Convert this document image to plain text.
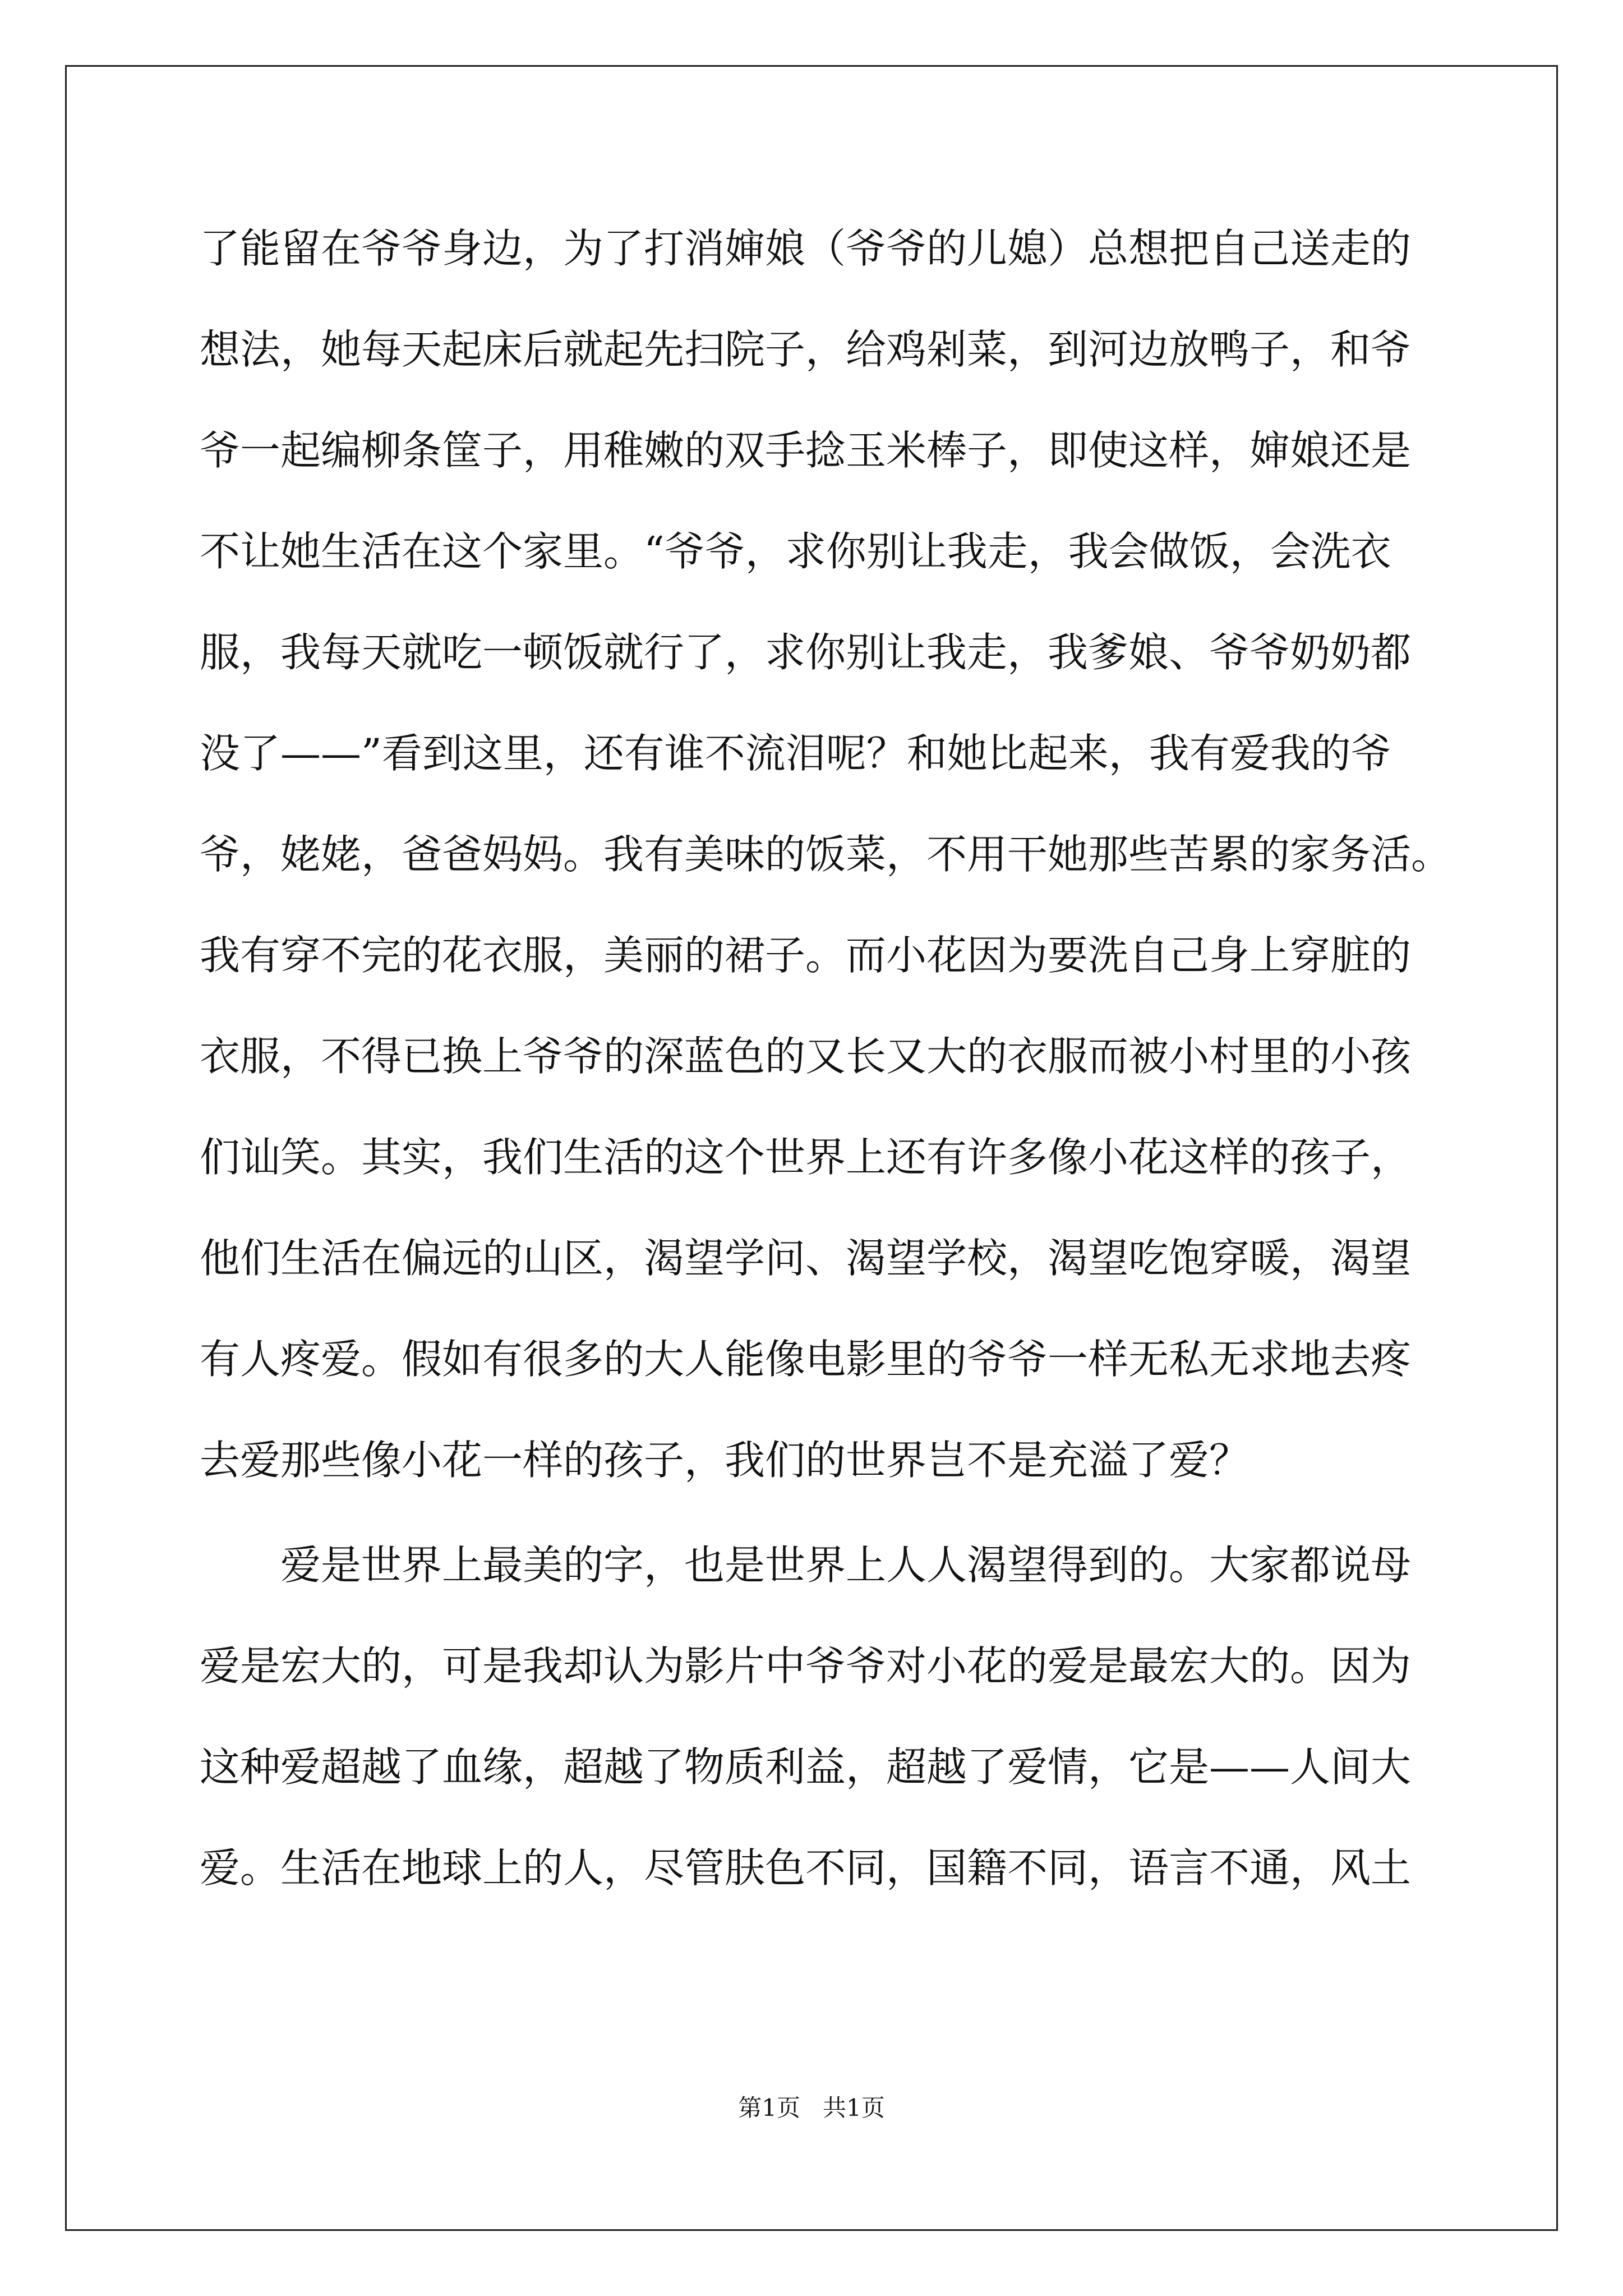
了能留在爷爷身边，为了打消婶娘（爷爷的儿媳）总想把自己送走的
想法，她每天起床后就起先扫院子，给鸡剁菜，到河边放鸭子，和爷
爷一起编柳条筐子，用稚嫩的双手捻玉米棒子，即使这样，婶娘还是
不让她生活在这个家里。“爷爷，求你别让我走，我会做饭，会洗衣
服，我每天就吃一顿饭就行了，求你别让我走，我爹娘、爷爷奶奶都
没了——”看到这里，还有谁不流泪呢？和她比起来，我有爱我的爷
爷，姥姥，爸爸妈妈。我有美味的饭菜，不用干她那些苦累的家务活。
我有穿不完的花衣服，美丽的裙子。而小花因为要洗自己身上穿脏的
衣服，不得已换上爷爷的深蓝色的又长又大的衣服而被小村里的小孩
们讪笑。其实，我们生活的这个世界上还有许多像小花这样的孩子，
他们生活在偏远的山区，渴望学问、渴望学校，渴望吃饱穿暖，渴望
有人疼爱。假如有很多的大人能像电影里的爷爷一样无私无求地去疼
去爱那些像小花一样的孩子，我们的世界岂不是充溢了爱？
爱是世界上最美的字，也是世界上人人渴望得到的。大家都说母
爱是宏大的，可是我却认为影片中爷爷对小花的爱是最宏大的。因为
这种爱超越了血缘，超越了物质利益，超越了爱情，它是——人间大
爱。生活在地球上的人，尽管肤色不同，国籍不同，语言不通，风土
第1页 共1页
